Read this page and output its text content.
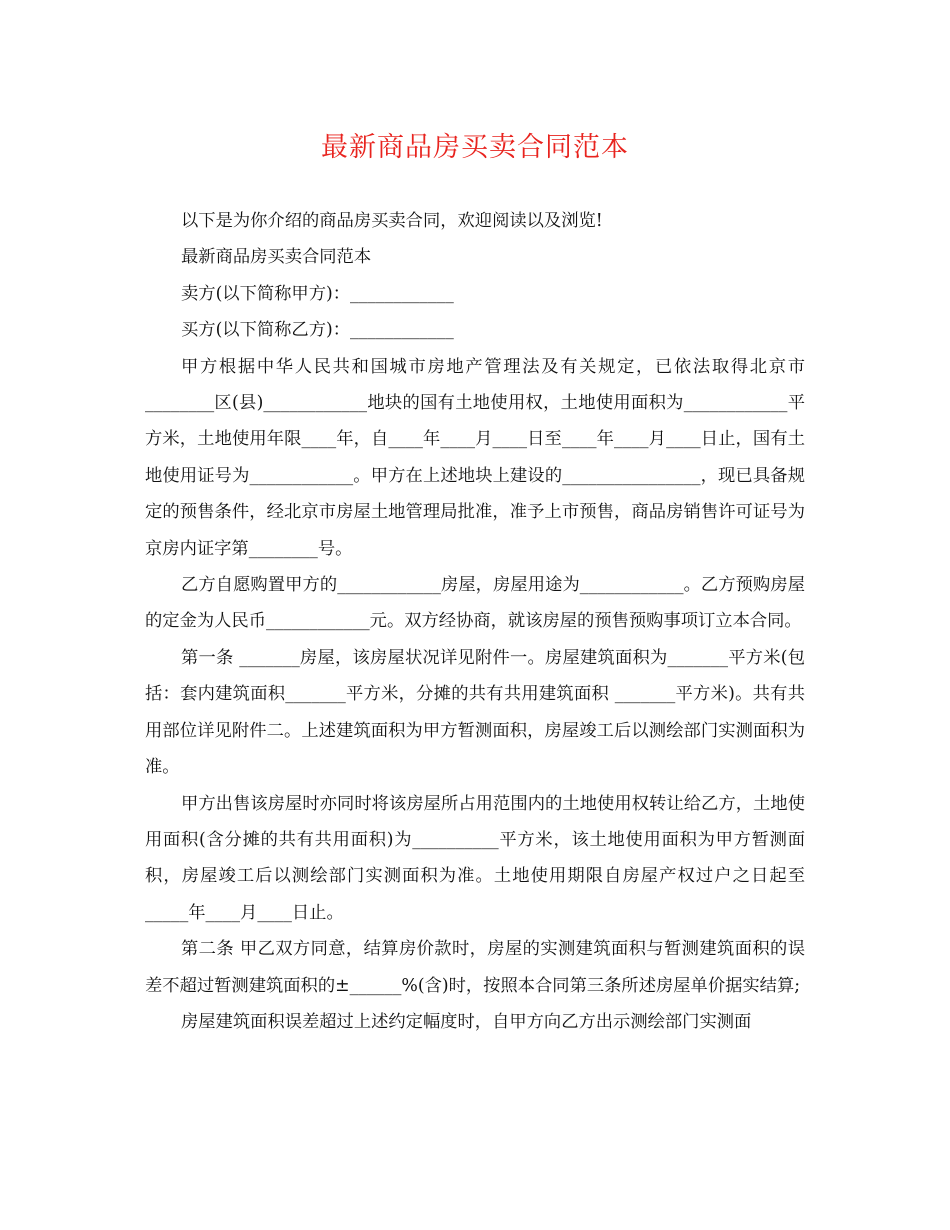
最新商品房买卖合同范本

以下是为你介绍的商品房买卖合同，欢迎阅读以及浏览!

最新商品房买卖合同范本

卖方(以下简称甲方)：____________

买方(以下简称乙方)：____________

甲方根据中华人民共和国城市房地产管理法及有关规定，已依法取得北京市________区(县)____________地块的国有土地使用权，土地使用面积为____________平方米，土地使用年限____年，自____年____月____日至____年____月____日止，国有土地使用证号为____________。甲方在上述地块上建设的________________，现已具备规定的预售条件，经北京市房屋土地管理局批准，准予上市预售，商品房销售许可证号为京房内证字第________号。

乙方自愿购置甲方的____________房屋，房屋用途为____________。乙方预购房屋的定金为人民币____________元。双方经协商，就该房屋的预售预购事项订立本合同。

第一条 _______房屋，该房屋状况详见附件一。房屋建筑面积为_______平方米(包括：套内建筑面积_______平方米，分摊的共有共用建筑面积 _______平方米)。共有共用部位详见附件二。上述建筑面积为甲方暂测面积，房屋竣工后以测绘部门实测面积为准。

甲方出售该房屋时亦同时将该房屋所占用范围内的土地使用权转让给乙方，土地使用面积(含分摊的共有共用面积)为__________平方米，该土地使用面积为甲方暂测面积，房屋竣工后以测绘部门实测面积为准。土地使用期限自房屋产权过户之日起至_____年____月____日止。

第二条 甲乙双方同意，结算房价款时，房屋的实测建筑面积与暂测建筑面积的误差不超过暂测建筑面积的±______%(含)时，按照本合同第三条所述房屋单价据实结算;

房屋建筑面积误差超过上述约定幅度时，自甲方向乙方出示测绘部门实测面
